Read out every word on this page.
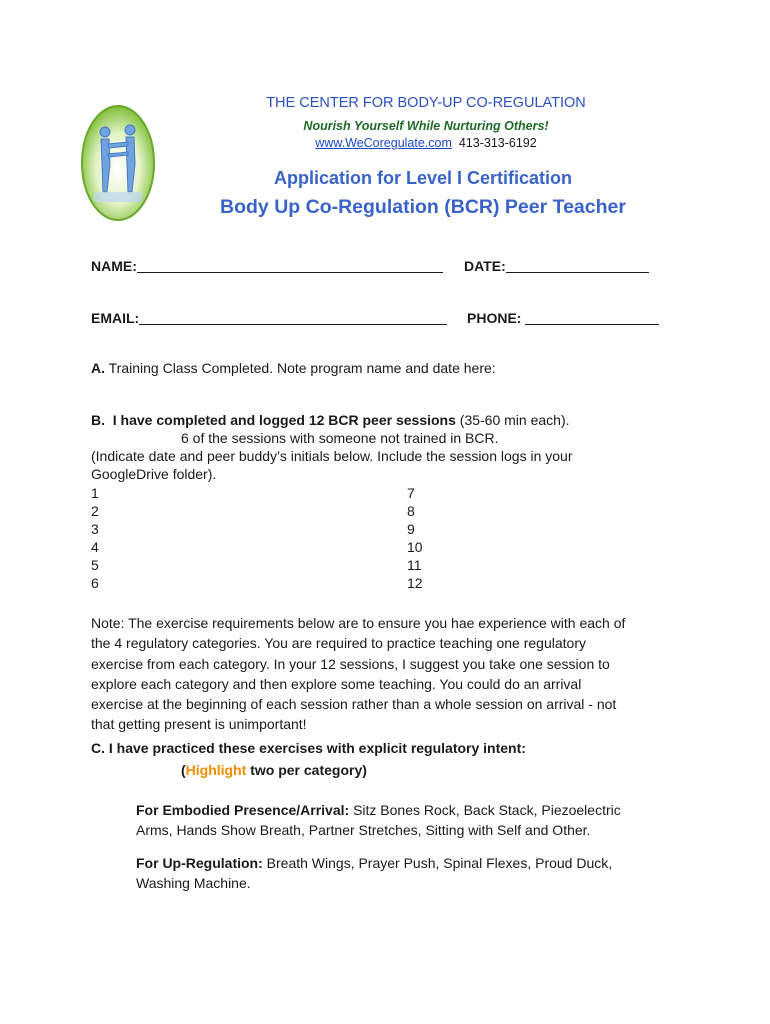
THE CENTER FOR BODY-UP CO-REGULATION
Nourish Yourself While Nurturing Others!
www.WeCoregulate.com 413-313-6192
Application for Level I Certification
Body Up Co-Regulation (BCR) Peer Teacher
NAME:	DATE:
EMAIL:	PHONE:
A. Training Class Completed. Note program name and date here:
B. I have completed and logged 12 BCR peer sessions (35-60 min each).
6 of the sessions with someone not trained in BCR.
(Indicate date and peer buddy’s initials below. Include the session logs in your
GoogleDrive folder).
1
2
3
4
5
6
7
8
9
10
11
12
Note: The exercise requirements below are to ensure you hae experience with each of
the 4 regulatory categories. You are required to practice teaching one regulatory
exercise from each category. In your 12 sessions, I suggest you take one session to
explore each category and then explore some teaching. You could do an arrival
exercise at the beginning of each session rather than a whole session on arrival - not
that getting present is unimportant!
C. I have practiced these exercises with explicit regulatory intent:
(Highlight two per category)
For Embodied Presence/Arrival: Sitz Bones Rock, Back Stack, Piezoelectric
Arms, Hands Show Breath, Partner Stretches, Sitting with Self and Other.
For Up-Regulation: Breath Wings, Prayer Push, Spinal Flexes, Proud Duck,
Washing Machine.
